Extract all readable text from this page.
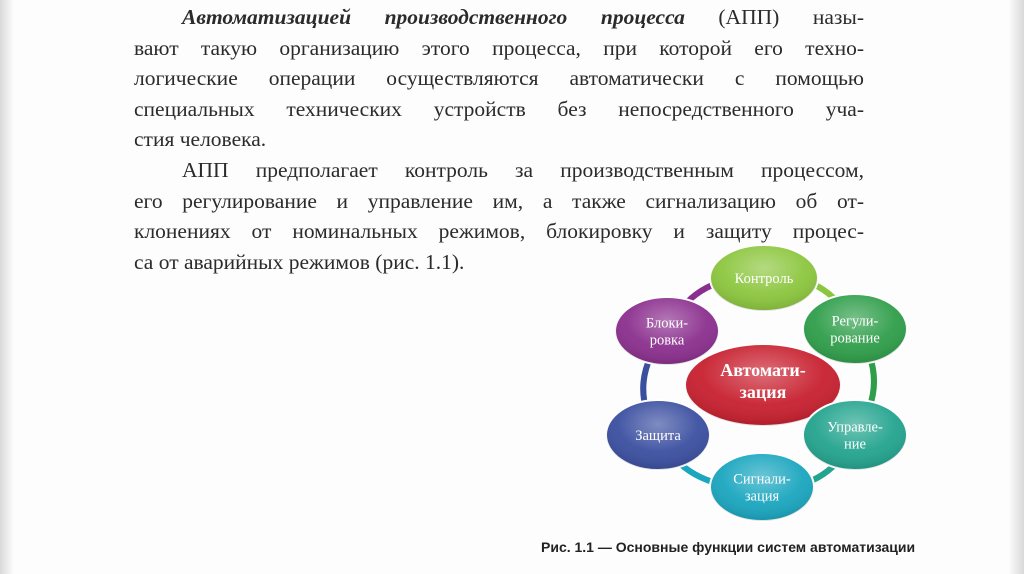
Автоматизацией производственного процесса (АПП) назы-
вают такую организацию этого процесса, при которой его техно-
логические операции осуществляются автоматически с помощью
специальных технических устройств без непосредственного уча-
стия человека.
АПП предполагает контроль за производственным процессом,
его регулирование и управление им, а также сигнализацию об от-
клонениях от номинальных режимов, блокировку и защиту процес-
са от аварийных режимов (рис. 1.1).
Автомати-
зация
Контроль
Регули-
рование
Управле-
ние
Сигнали-
зация
Защита
Блоки-
ровка
Рис. 1.1 — Основные функции систем автоматизации
